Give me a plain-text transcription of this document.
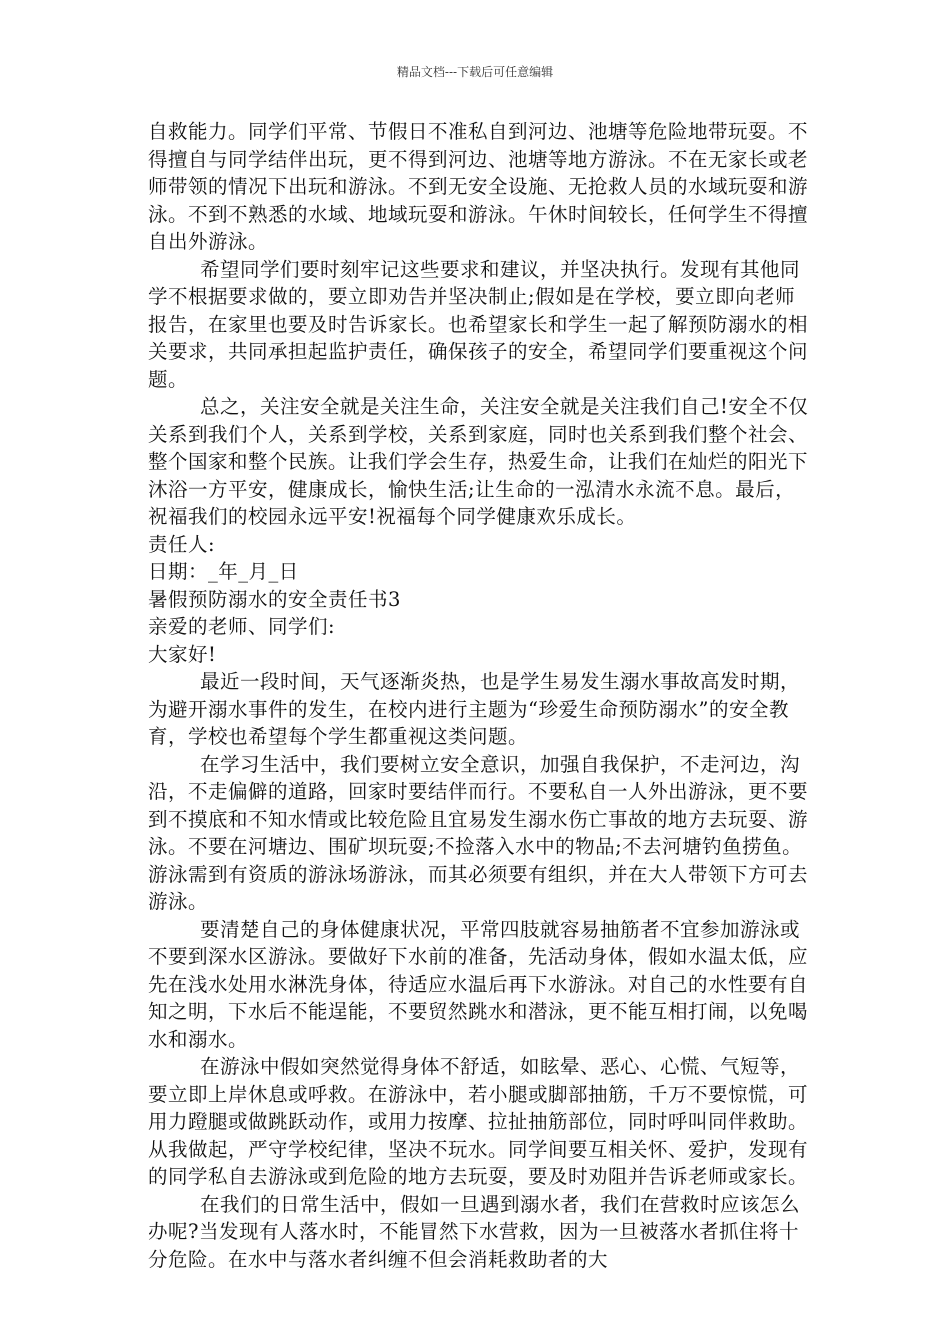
精品文档---下载后可任意编辑

自救能力。同学们平常、节假日不准私自到河边、池塘等危险地带玩耍。不得擅自与同学结伴出玩，更不得到河边、池塘等地方游泳。不在无家长或老师带领的情况下出玩和游泳。不到无安全设施、无抢救人员的水域玩耍和游泳。不到不熟悉的水域、地域玩耍和游泳。午休时间较长，任何学生不得擅自出外游泳。

希望同学们要时刻牢记这些要求和建议，并坚决执行。发现有其他同学不根据要求做的，要立即劝告并坚决制止;假如是在学校，要立即向老师报告，在家里也要及时告诉家长。也希望家长和学生一起了解预防溺水的相关要求，共同承担起监护责任，确保孩子的安全，希望同学们要重视这个问题。

总之，关注安全就是关注生命，关注安全就是关注我们自己!安全不仅关系到我们个人，关系到学校，关系到家庭，同时也关系到我们整个社会、整个国家和整个民族。让我们学会生存，热爱生命，让我们在灿烂的阳光下沐浴一方平安，健康成长，愉快生活;让生命的一泓清水永流不息。最后，祝福我们的校园永远平安!祝福每个同学健康欢乐成长。

责任人:

日期：_年_月_日

暑假预防溺水的安全责任书3

亲爱的老师、同学们:

大家好!

最近一段时间，天气逐渐炎热，也是学生易发生溺水事故高发时期，为避开溺水事件的发生，在校内进行主题为“珍爱生命预防溺水”的安全教育，学校也希望每个学生都重视这类问题。

在学习生活中，我们要树立安全意识，加强自我保护，不走河边，沟沿，不走偏僻的道路，回家时要结伴而行。不要私自一人外出游泳，更不要到不摸底和不知水情或比较危险且宜易发生溺水伤亡事故的地方去玩耍、游泳。不要在河塘边、围矿坝玩耍;不捡落入水中的物品;不去河塘钓鱼捞鱼。游泳需到有资质的游泳场游泳，而其必须要有组织，并在大人带领下方可去游泳。

要清楚自己的身体健康状况，平常四肢就容易抽筋者不宜参加游泳或不要到深水区游泳。要做好下水前的准备，先活动身体，假如水温太低，应先在浅水处用水淋洗身体，待适应水温后再下水游泳。对自己的水性要有自知之明，下水后不能逞能，不要贸然跳水和潜泳，更不能互相打闹，以免喝水和溺水。

在游泳中假如突然觉得身体不舒适，如眩晕、恶心、心慌、气短等，要立即上岸休息或呼救。在游泳中，若小腿或脚部抽筋，千万不要惊慌，可用力蹬腿或做跳跃动作，或用力按摩、拉扯抽筋部位，同时呼叫同伴救助。从我做起，严守学校纪律，坚决不玩水。同学间要互相关怀、爱护，发现有的同学私自去游泳或到危险的地方去玩耍，要及时劝阻并告诉老师或家长。

在我们的日常生活中，假如一旦遇到溺水者，我们在营救时应该怎么办呢?当发现有人落水时，不能冒然下水营救，因为一旦被落水者抓住将十分危险。在水中与落水者纠缠不但会消耗救助者的大
